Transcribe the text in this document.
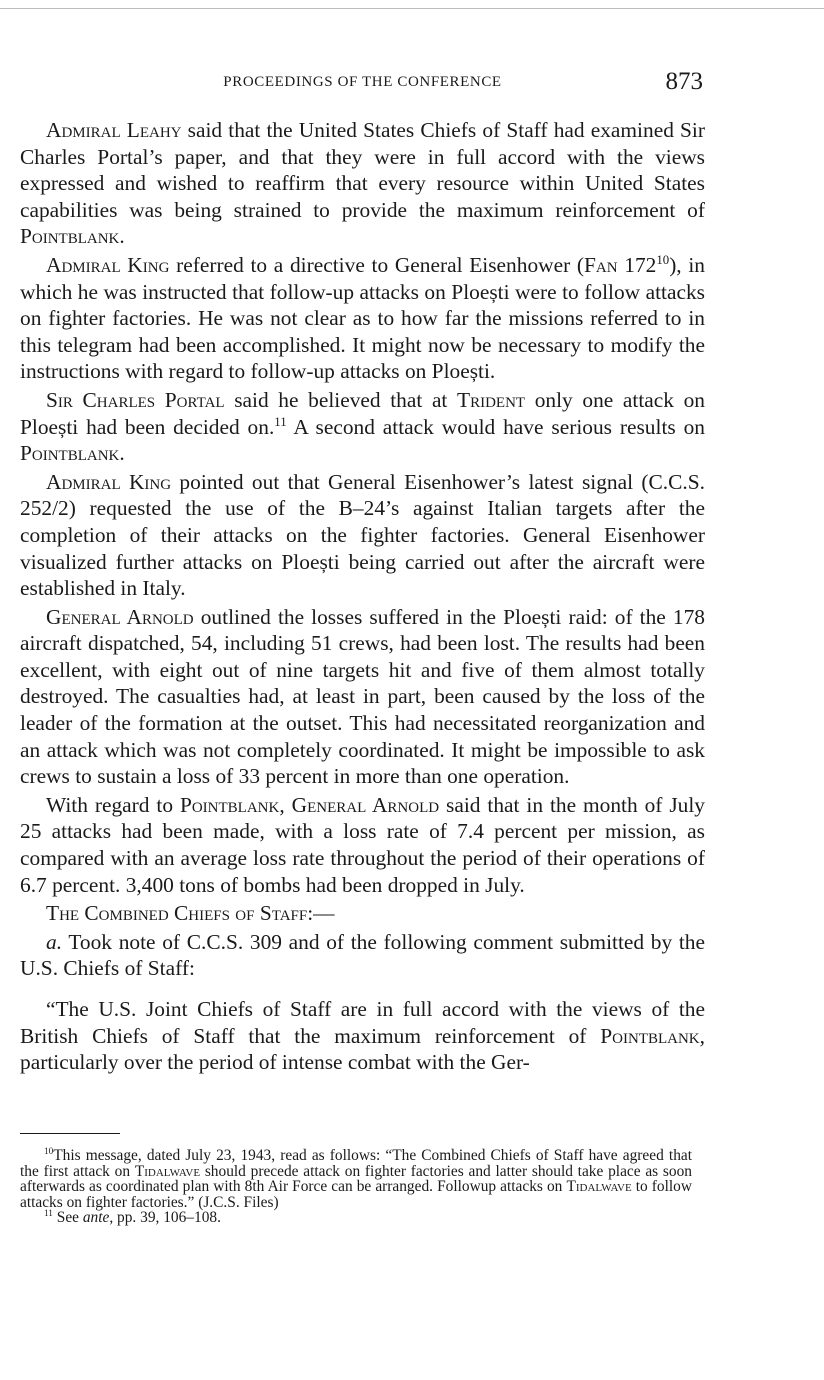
PROCEEDINGS OF THE CONFERENCE	873

Admiral Leahy said that the United States Chiefs of Staff had examined Sir Charles Portal’s paper, and that they were in full accord with the views expressed and wished to reaffirm that every resource within United States capabilities was being strained to provide the maximum reinforcement of Pointblank.

Admiral King referred to a directive to General Eisenhower (Fan $172^{10}$), in which he was instructed that follow-up attacks on Ploești were to follow attacks on fighter factories. He was not clear as to how far the missions referred to in this telegram had been accomplished. It might now be necessary to modify the instructions with regard to follow-up attacks on Ploești.

Sir Charles Portal said he believed that at Trident only one attack on Ploești had been decided on.$^{11}$ A second attack would have serious results on Pointblank.

Admiral King pointed out that General Eisenhower’s latest signal (C.C.S. 252/2) requested the use of the B–24’s against Italian targets after the completion of their attacks on the fighter factories. General Eisenhower visualized further attacks on Ploești being carried out after the aircraft were established in Italy.

General Arnold outlined the losses suffered in the Ploești raid: of the 178 aircraft dispatched, 54, including 51 crews, had been lost. The results had been excellent, with eight out of nine targets hit and five of them almost totally destroyed. The casualties had, at least in part, been caused by the loss of the leader of the formation at the outset. This had necessitated reorganization and an attack which was not completely coordinated. It might be impossible to ask crews to sustain a loss of 33 percent in more than one operation.

With regard to Pointblank, General Arnold said that in the month of July 25 attacks had been made, with a loss rate of 7.4 percent per mission, as compared with an average loss rate throughout the period of their operations of 6.7 percent. 3,400 tons of bombs had been dropped in July.

The Combined Chiefs of Staff:—

a. Took note of C.C.S. 309 and of the following comment submitted by the U.S. Chiefs of Staff:

“The U.S. Joint Chiefs of Staff are in full accord with the views of the British Chiefs of Staff that the maximum reinforcement of Pointblank, particularly over the period of intense combat with the Ger-

$^{10}$This message, dated July 23, 1943, read as follows: “The Combined Chiefs of Staff have agreed that the first attack on Tidalwave should precede attack on fighter factories and latter should take place as soon afterwards as coordinated plan with 8th Air Force can be arranged. Followup attacks on Tidalwave to follow attacks on fighter factories.” (J.C.S. Files)

$^{11}$ See ante, pp. 39, 106–108.
